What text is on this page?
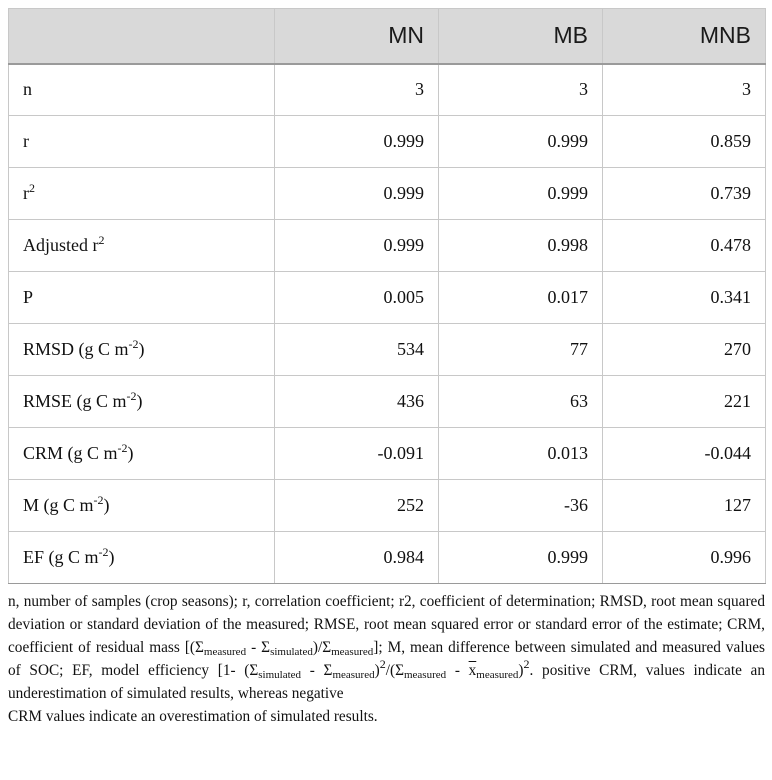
	MN	MB	MNB
n	3	3	3
r	0.999	0.999	0.859
$r^2$	0.999	0.999	0.739
Adjusted $r^2$	0.999	0.998	0.478
P	0.005	0.017	0.341
RMSD (g C $m^{-2}$)	534	77	270
RMSE (g C $m^{-2}$)	436	63	221
CRM (g C $m^{-2}$)	-0.091	0.013	-0.044
M (g C $m^{-2}$)	252	-36	127
EF (g C $m^{-2}$)	0.984	0.999	0.996

n, number of samples (crop seasons); r, correlation coefficient; r2, coefficient of determination; RMSD, root mean squared deviation or standard deviation of the measured; RMSE, root mean squared error or standard error of the estimate; CRM, coefficient of residual mass $[(\Sigma_{measured} - \Sigma_{simulated})/\Sigma_{measured}]$; M, mean difference between simulated and measured values of SOC; EF, model efficiency [1- $(\Sigma_{simulated} - \Sigma_{measured})^2/(\Sigma_{measured} - \overline{x}_{measured})^2$. positive CRM, values indicate an underestimation of simulated results, whereas negative

CRM values indicate an overestimation of simulated results.
